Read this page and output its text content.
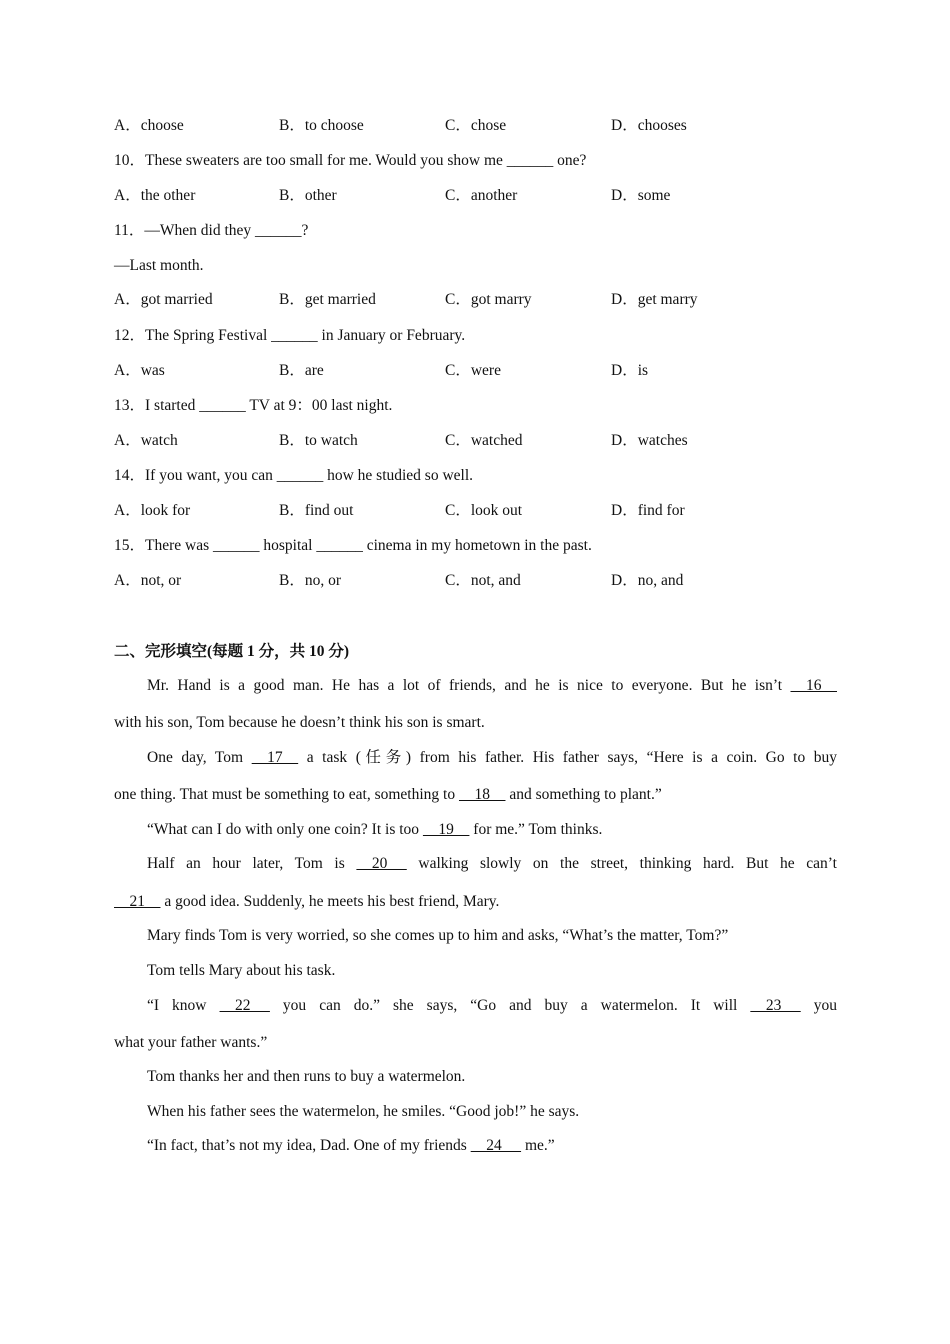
A．choose	B．to choose	C．chose	D．chooses
10．These sweaters are too small for me. Would you show me ______ one?
A．the other	B．other	C．another	D．some
11．—When did they ______?
—Last month.
A．got married	B．get married	C．got marry	D．get marry
12．The Spring Festival ______ in January or February.
A．was	B．are	C．were	D．is
13．I started ______ TV at 9：00 last night.
A．watch	B．to watch	C．watched	D．watches
14．If you want, you can ______ how he studied so well.
A．look for	B．find out	C．look out	D．find for
15．There was ______ hospital ______ cinema in my hometown in the past.
A．not, or	B．no, or	C．not, and	D．no, and
二、完形填空(每题 1 分，共 10 分)
Mr. Hand is a good man. He has a lot of friends, and he is nice to everyone. But he isn’t     16
with his son, Tom because he doesn’t think his son is smart.
One day, Tom     17     a task (任务) from his father. His father says, “Here is a coin. Go to buy
one thing. That must be something to eat, something to     18     and something to plant.”
“What can I do with only one coin? It is too     19     for me.” Tom thinks.
Half an hour later, Tom is     20      walking slowly on the street, thinking hard. But he can’t
21     a good idea. Suddenly, he meets his best friend, Mary.
Mary finds Tom is very worried, so she comes up to him and asks, “What’s the matter, Tom?”
Tom tells Mary about his task.
“I know     22      you can do.” she says, “Go and buy a watermelon. It will     23      you
what your father wants.”
Tom thanks her and then runs to buy a watermelon.
When his father sees the watermelon, he smiles. “Good job!” he says.
“In fact, that’s not my idea, Dad. One of my friends     24      me.”
